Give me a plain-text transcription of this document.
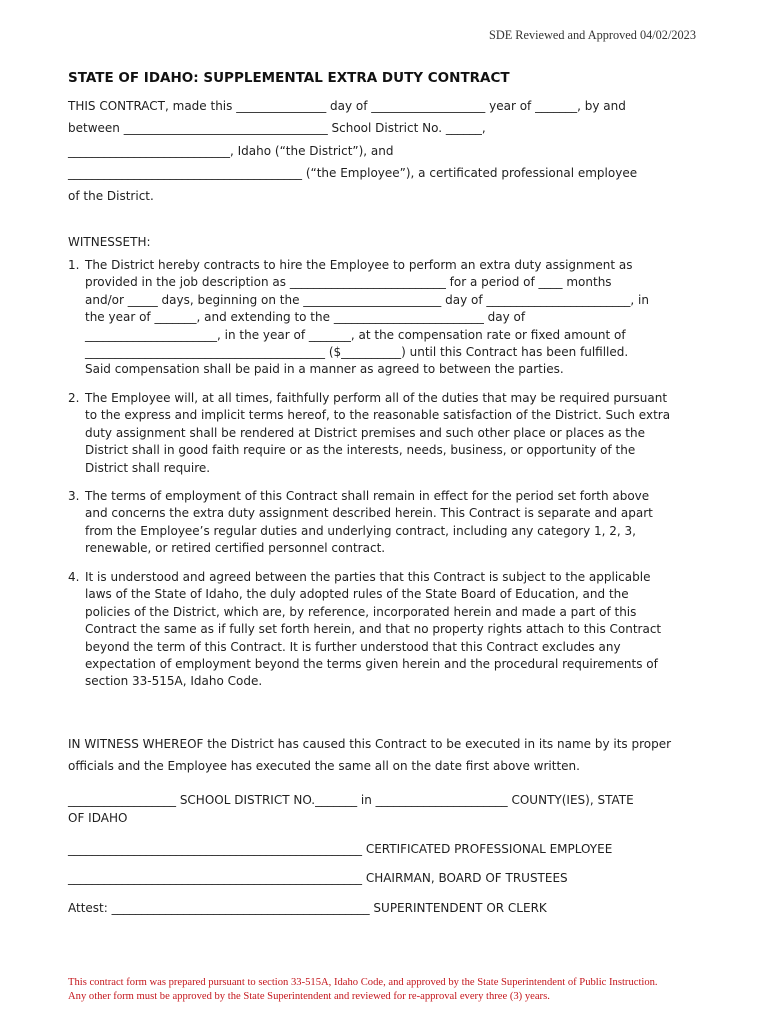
SDE Reviewed and Approved 04/02/2023
STATE OF IDAHO: SUPPLEMENTAL EXTRA DUTY CONTRACT
THIS CONTRACT, made this _______________ day of ___________________ year of _______, by and
between __________________________________ School District No. ______,
___________________________, Idaho (“the District”), and
_______________________________________ (“the Employee”), a certificated professional employee
of the District.
WITNESSETH:
1. The District hereby contracts to hire the Employee to perform an extra duty assignment as
provided in the job description as __________________________ for a period of ____ months
and/or _____ days, beginning on the _______________________ day of ________________________, in
the year of _______, and extending to the _________________________ day of
______________________, in the year of _______, at the compensation rate or fixed amount of
________________________________________ ($__________) until this Contract has been fulfilled.
Said compensation shall be paid in a manner as agreed to between the parties.
2. The Employee will, at all times, faithfully perform all of the duties that may be required pursuant
to the express and implicit terms hereof, to the reasonable satisfaction of the District. Such extra
duty assignment shall be rendered at District premises and such other place or places as the
District shall in good faith require or as the interests, needs, business, or opportunity of the
District shall require.
3. The terms of employment of this Contract shall remain in effect for the period set forth above
and concerns the extra duty assignment described herein. This Contract is separate and apart
from the Employee’s regular duties and underlying contract, including any category 1, 2, 3,
renewable, or retired certified personnel contract.
4. It is understood and agreed between the parties that this Contract is subject to the applicable
laws of the State of Idaho, the duly adopted rules of the State Board of Education, and the
policies of the District, which are, by reference, incorporated herein and made a part of this
Contract the same as if fully set forth herein, and that no property rights attach to this Contract
beyond the term of this Contract. It is further understood that this Contract excludes any
expectation of employment beyond the terms given herein and the procedural requirements of
section 33-515A, Idaho Code.
IN WITNESS WHEREOF the District has caused this Contract to be executed in its name by its proper
officials and the Employee has executed the same all on the date first above written.
__________________ SCHOOL DISTRICT NO._______ in ______________________ COUNTY(IES), STATE
OF IDAHO
_________________________________________________ CERTIFICATED PROFESSIONAL EMPLOYEE
_________________________________________________ CHAIRMAN, BOARD OF TRUSTEES
Attest: ___________________________________________ SUPERINTENDENT OR CLERK
This contract form was prepared pursuant to section 33-515A, Idaho Code, and approved by the State Superintendent of Public Instruction.
Any other form must be approved by the State Superintendent and reviewed for re-approval every three (3) years.
